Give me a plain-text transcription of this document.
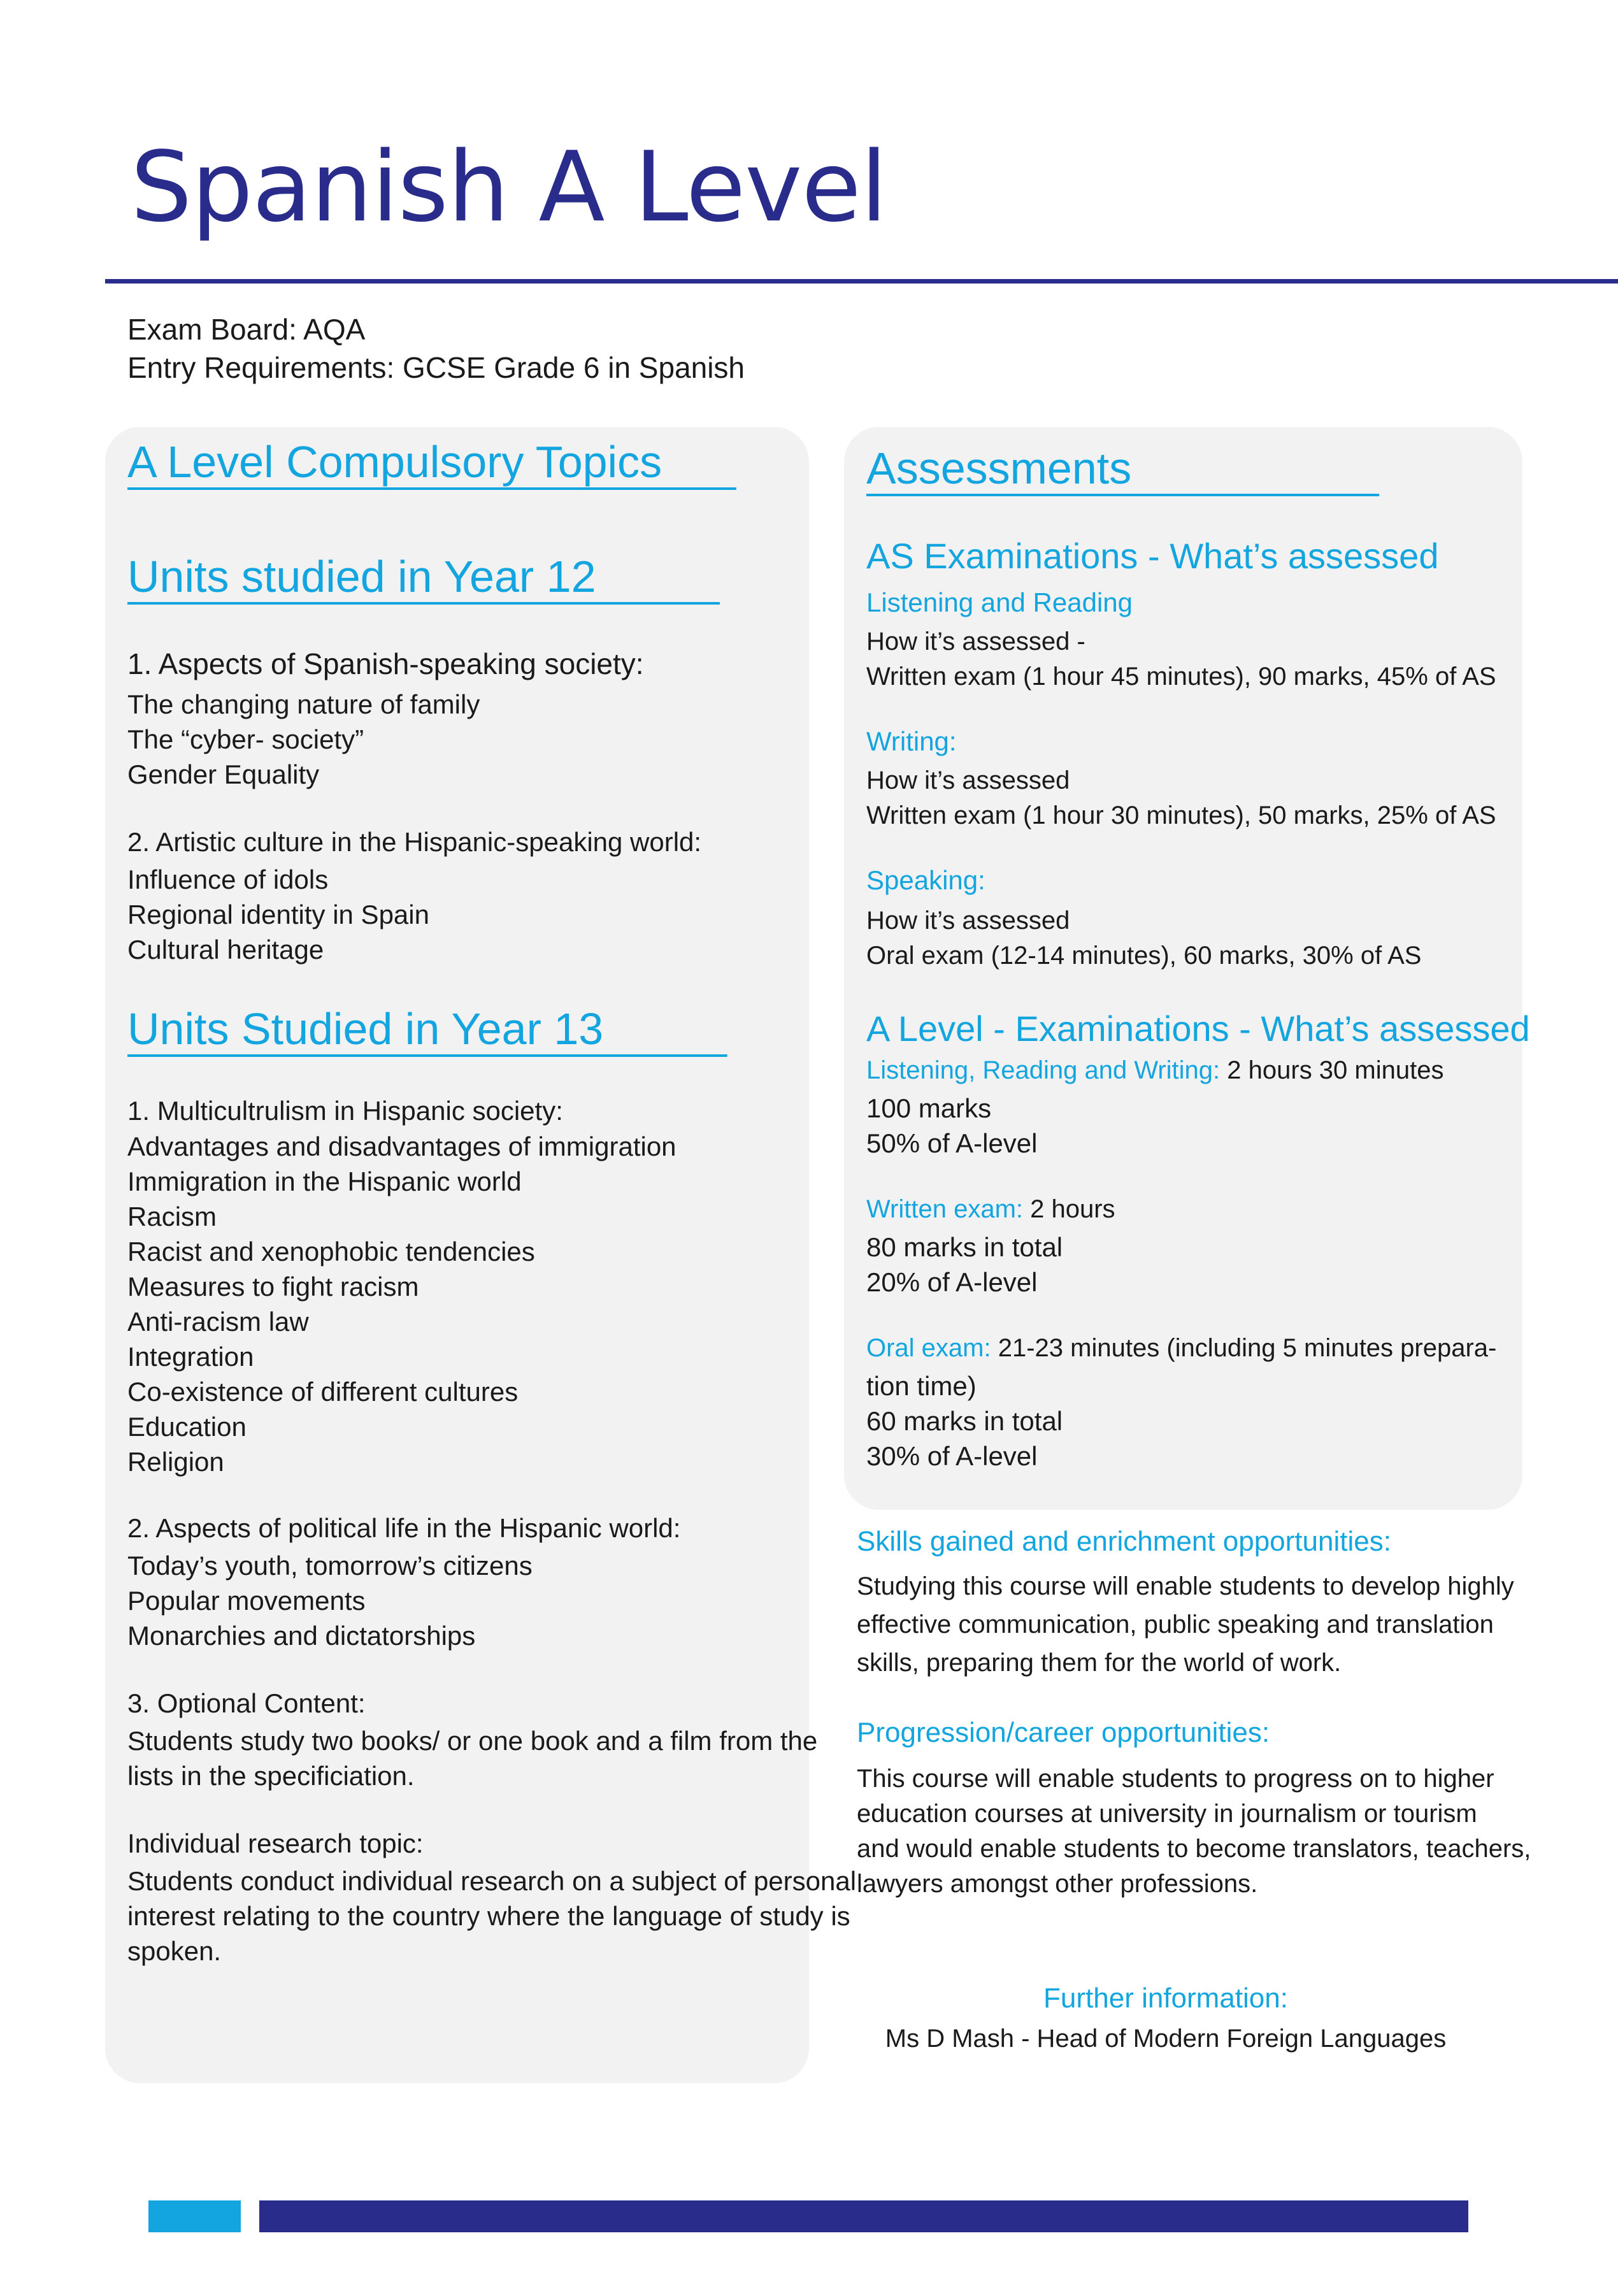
Spanish A Level
Exam Board: AQA
Entry Requirements: GCSE Grade 6 in Spanish
A Level Compulsory Topics
Units studied in Year 12
1. Aspects of Spanish-speaking society:
The changing nature of family
The “cyber- society”
Gender Equality
2. Artistic culture in the Hispanic-speaking world:
Influence of idols
Regional identity in Spain
Cultural heritage
Units Studied in Year 13
1. Multicultrulism in Hispanic society:
Advantages and disadvantages of immigration
Immigration in the Hispanic world
Racism
Racist and xenophobic tendencies
Measures to fight racism
Anti-racism law
Integration
Co-existence of different cultures
Education
Religion
2. Aspects of political life in the Hispanic world:
Today’s youth, tomorrow’s citizens
Popular movements
Monarchies and dictatorships
3. Optional Content:
Students study two books/ or one book and a film from the
lists in the specificiation.
Individual research topic:
Students conduct individual research on a subject of personal
interest relating to the country where the language of study is
spoken.
Assessments
AS Examinations - What’s assessed
Listening and Reading
How it’s assessed -
Written exam (1 hour 45 minutes), 90 marks, 45% of AS
Writing:
How it’s assessed
Written exam (1 hour 30 minutes), 50 marks, 25% of AS
Speaking:
How it’s assessed
Oral exam (12-14 minutes), 60 marks, 30% of AS
A Level - Examinations - What’s assessed
Listening, Reading and Writing: 2 hours 30 minutes
100 marks
50% of A-level
Written exam: 2 hours
80 marks in total
20% of A-level
Oral exam: 21-23 minutes (including 5 minutes prepara-
tion time)
60 marks in total
30% of A-level
Skills gained and enrichment opportunities:
Studying this course will enable students to develop highly
effective communication, public speaking and translation
skills, preparing them for the world of work.
Progression/career opportunities:
This course will enable students to progress on to higher
education courses at university in journalism or tourism
and would enable students to become translators, teachers,
lawyers amongst other professions.
Further information:
Ms D Mash - Head of Modern Foreign Languages
